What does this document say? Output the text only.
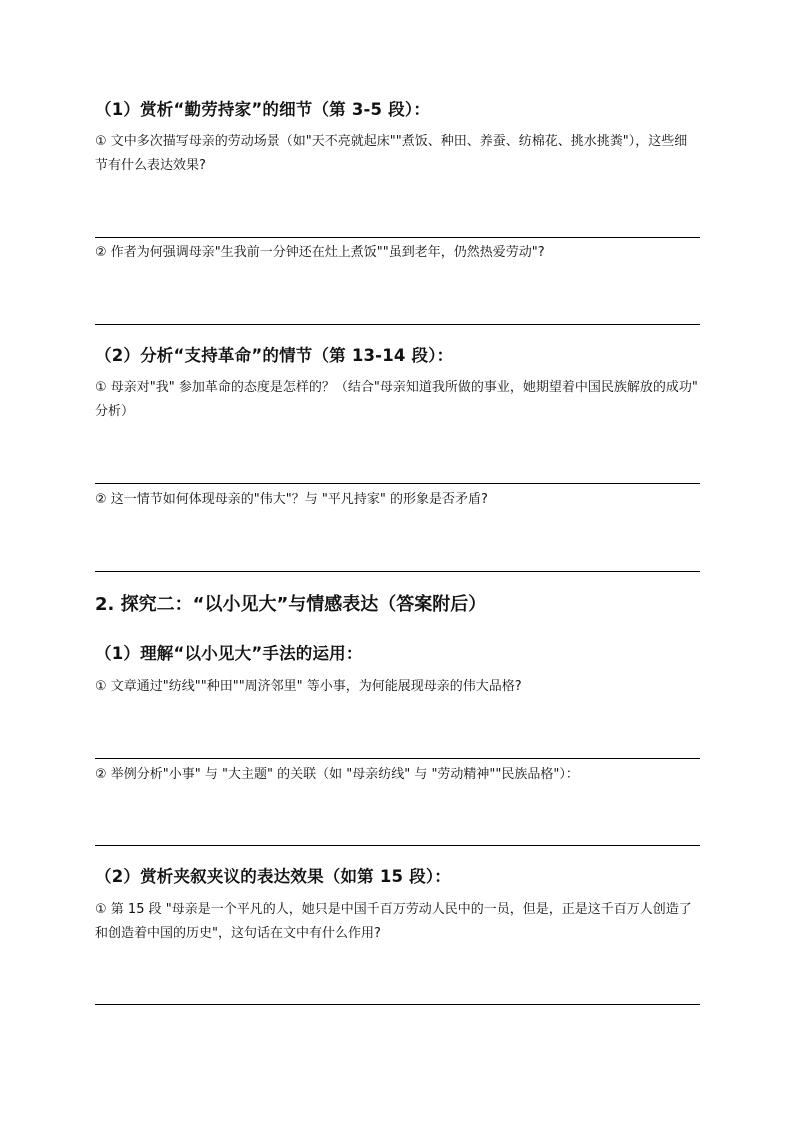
（1）赏析“勤劳持家”的细节（第 3-5 段）：
① 文中多次描写母亲的劳动场景（如"天不亮就起床""煮饭、种田、养蚕、纺棉花、挑水挑粪"），这些细节有什么表达效果?
② 作者为何强调母亲"生我前一分钟还在灶上煮饭""虽到老年，仍然热爱劳动"?
（2）分析“支持革命”的情节（第 13-14 段）：
① 母亲对"我" 参加革命的态度是怎样的？（结合"母亲知道我所做的事业，她期望着中国民族解放的成功" 分析）
② 这一情节如何体现母亲的"伟大"？与 "平凡持家" 的形象是否矛盾?
2. 探究二：“以小见大”与情感表达（答案附后）
（1）理解“以小见大”手法的运用：
① 文章通过"纺线""种田""周济邻里" 等小事，为何能展现母亲的伟大品格?
② 举例分析"小事" 与 "大主题" 的关联（如 "母亲纺线" 与 "劳动精神""民族品格"）：
（2）赏析夹叙夹议的表达效果（如第 15 段）：
① 第 15 段 "母亲是一个平凡的人，她只是中国千百万劳动人民中的一员，但是，正是这千百万人创造了和创造着中国的历史"，这句话在文中有什么作用?
